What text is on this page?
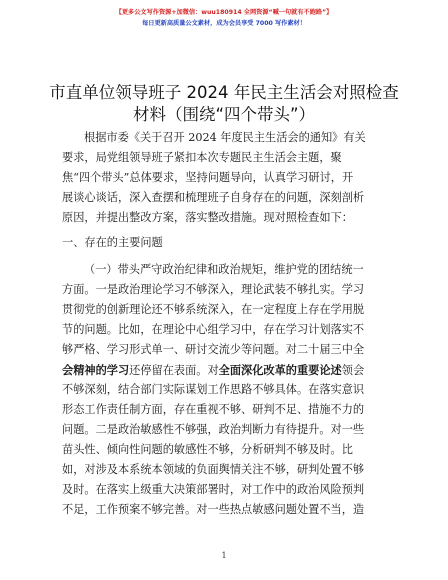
【更多公文写作资源+加微信：wuu180914 全网资源“喊一句就有不跑路”】
每日更新高质量公文素材，成为会员享受 7000 写作素材！
市直单位领导班子 2024 年民主生活会对照检查
材料（围绕“四个带头”）
根据市委《关于召开 2024 年度民主生活会的通知》有关
要求，局党组领导班子紧扣本次专题民主生活会主题，聚
焦“四个带头”总体要求，坚持问题导向，认真学习研讨，开
展谈心谈话，深入查摆和梳理班子自身存在的问题，深刻剖析
原因，并提出整改方案，落实整改措施。现对照检查如下：
一、存在的主要问题
（一）带头严守政治纪律和政治规矩，维护党的团结统一
方面。一是政治理论学习不够深入，理论武装不够扎实。学习
贯彻党的创新理论还不够系统深入，在一定程度上存在学用脱
节的问题。比如，在理论中心组学习中，存在学习计划落实不
够严格、学习形式单一、研讨交流少等问题。对二十届三中全
会精神的学习还停留在表面。对全面深化改革的重要论述领会
不够深刻，结合部门实际谋划工作思路不够具体。在落实意识
形态工作责任制方面，存在重视不够、研判不足、措施不力的
问题。二是政治敏感性不够强，政治判断力有待提升。对一些
苗头性、倾向性问题的敏感性不够，分析研判不够及时。比
如，对涉及本系统本领域的负面舆情关注不够，研判处置不够
及时。在落实上级重大决策部署时，对工作中的政治风险预判
不足，工作预案不够完善。对一些热点敏感问题处置不当，造
1
